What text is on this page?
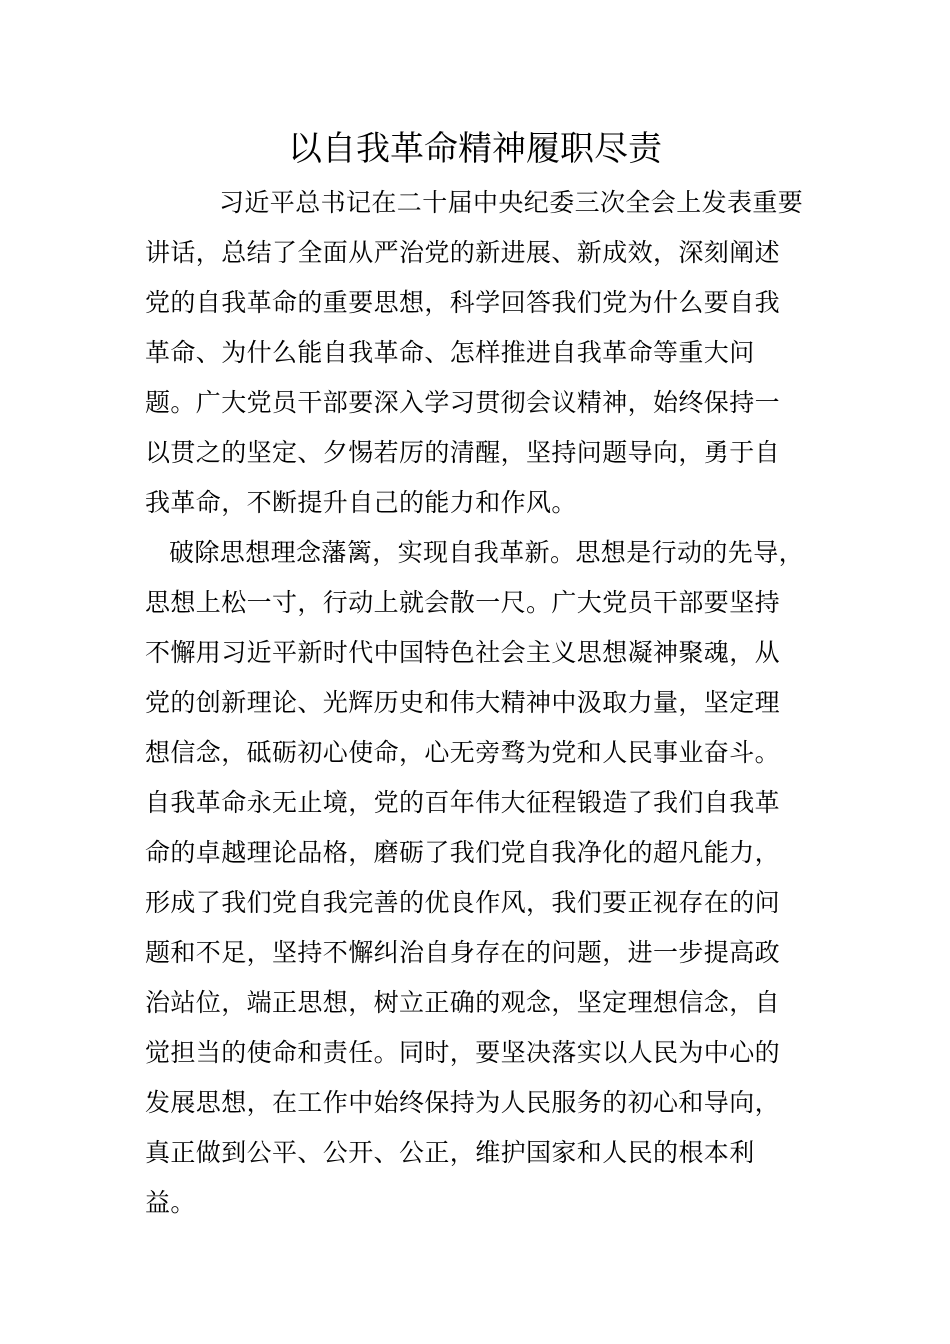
以自我革命精神履职尽责
习近平总书记在二十届中央纪委三次全会上发表重要
讲话，总结了全面从严治党的新进展、新成效，深刻阐述
党的自我革命的重要思想，科学回答我们党为什么要自我
革命、为什么能自我革命、怎样推进自我革命等重大问
题。广大党员干部要深入学习贯彻会议精神，始终保持一
以贯之的坚定、夕惕若厉的清醒，坚持问题导向，勇于自
我革命，不断提升自己的能力和作风。
破除思想理念藩篱，实现自我革新。思想是行动的先导，
思想上松一寸，行动上就会散一尺。广大党员干部要坚持
不懈用习近平新时代中国特色社会主义思想凝神聚魂，从
党的创新理论、光辉历史和伟大精神中汲取力量，坚定理
想信念，砥砺初心使命，心无旁骛为党和人民事业奋斗。
自我革命永无止境，党的百年伟大征程锻造了我们自我革
命的卓越理论品格，磨砺了我们党自我净化的超凡能力，
形成了我们党自我完善的优良作风，我们要正视存在的问
题和不足，坚持不懈纠治自身存在的问题，进一步提高政
治站位，端正思想，树立正确的观念，坚定理想信念，自
觉担当的使命和责任。同时，要坚决落实以人民为中心的
发展思想，在工作中始终保持为人民服务的初心和导向，
真正做到公平、公开、公正，维护国家和人民的根本利
益。
